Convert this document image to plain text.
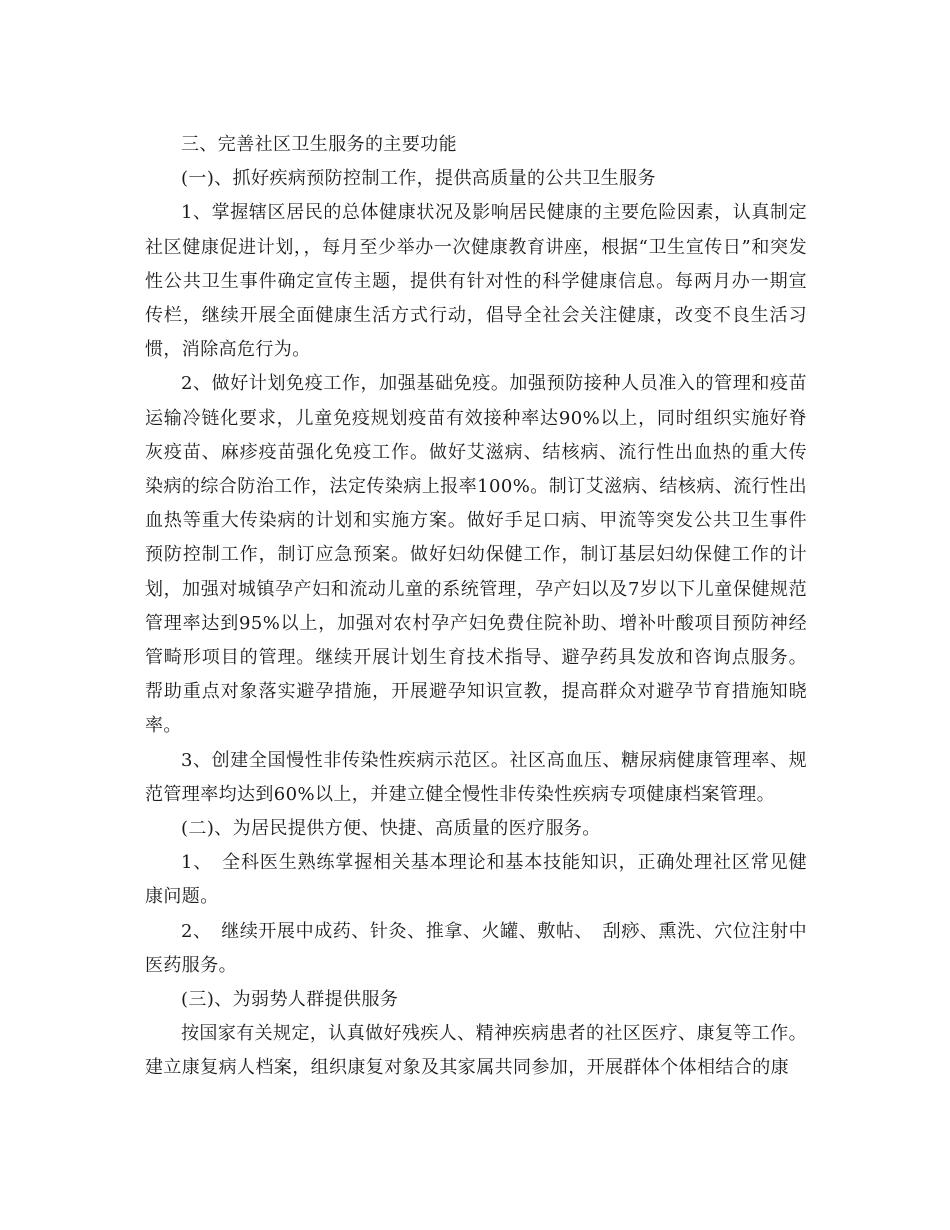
三、完善社区卫生服务的主要功能

(一)、抓好疾病预防控制工作，提供高质量的公共卫生服务

1、掌握辖区居民的总体健康状况及影响居民健康的主要危险因素，认真制定社区健康促进计划，，每月至少举办一次健康教育讲座，根据“卫生宣传日”和突发性公共卫生事件确定宣传主题，提供有针对性的科学健康信息。每两月办一期宣传栏，继续开展全面健康生活方式行动，倡导全社会关注健康，改变不良生活习惯，消除高危行为。

2、做好计划免疫工作，加强基础免疫。加强预防接种人员准入的管理和疫苗运输冷链化要求，儿童免疫规划疫苗有效接种率达90%以上，同时组织实施好脊灰疫苗、麻疹疫苗强化免疫工作。做好艾滋病、结核病、流行性出血热的重大传染病的综合防治工作，法定传染病上报率100%。制订艾滋病、结核病、流行性出血热等重大传染病的计划和实施方案。做好手足口病、甲流等突发公共卫生事件预防控制工作，制订应急预案。做好妇幼保健工作，制订基层妇幼保健工作的计划，加强对城镇孕产妇和流动儿童的系统管理，孕产妇以及7岁以下儿童保健规范管理率达到95%以上，加强对农村孕产妇免费住院补助、增补叶酸项目预防神经管畸形项目的管理。继续开展计划生育技术指导、避孕药具发放和咨询点服务。帮助重点对象落实避孕措施，开展避孕知识宣教，提高群众对避孕节育措施知晓率。

3、创建全国慢性非传染性疾病示范区。社区高血压、糖尿病健康管理率、规范管理率均达到60%以上，并建立健全慢性非传染性疾病专项健康档案管理。

(二)、为居民提供方便、快捷、高质量的医疗服务。

1、　全科医生熟练掌握相关基本理论和基本技能知识，正确处理社区常见健康问题。

2、　继续开展中成药、针灸、推拿、火罐、敷帖、　刮痧、熏洗、穴位注射中医药服务。

(三)、为弱势人群提供服务

按国家有关规定，认真做好残疾人、精神疾病患者的社区医疗、康复等工作。建立康复病人档案，组织康复对象及其家属共同参加，开展群体个体相结合的康
